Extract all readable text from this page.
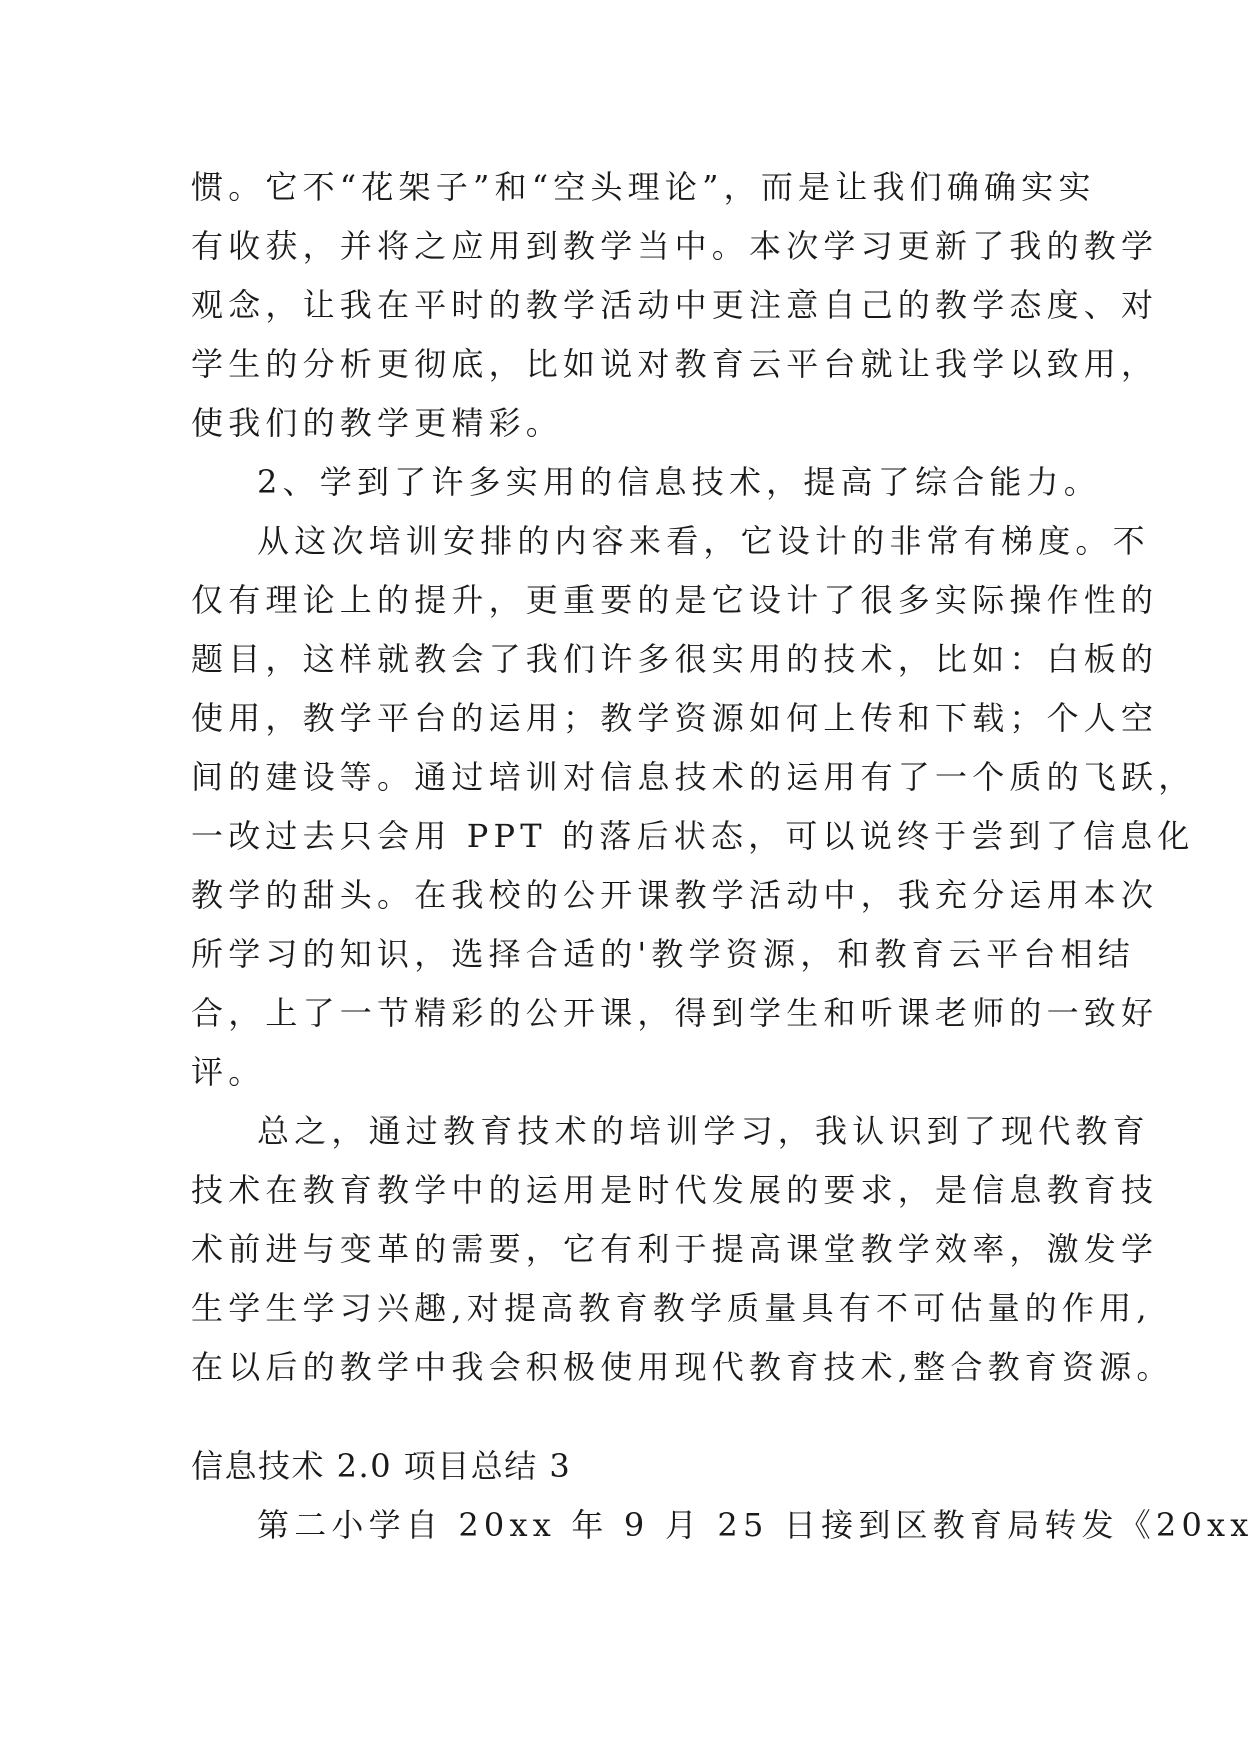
惯。它不“花架子”和“空头理论”，而是让我们确确实实
有收获，并将之应用到教学当中。本次学习更新了我的教学
观念，让我在平时的教学活动中更注意自己的教学态度、对
学生的分析更彻底，比如说对教育云平台就让我学以致用，
使我们的教学更精彩。
2、学到了许多实用的信息技术，提高了综合能力。
从这次培训安排的内容来看，它设计的非常有梯度。不
仅有理论上的提升，更重要的是它设计了很多实际操作性的
题目，这样就教会了我们许多很实用的技术，比如：白板的
使用，教学平台的运用；教学资源如何上传和下载；个人空
间的建设等。通过培训对信息技术的运用有了一个质的飞跃，
一改过去只会用 PPT 的落后状态，可以说终于尝到了信息化
教学的甜头。在我校的公开课教学活动中，我充分运用本次
所学习的知识，选择合适的'教学资源，和教育云平台相结
合，上了一节精彩的公开课，得到学生和听课老师的一致好
评。
总之，通过教育技术的培训学习，我认识到了现代教育
技术在教育教学中的运用是时代发展的要求，是信息教育技
术前进与变革的需要，它有利于提高课堂教学效率，激发学
生学生学习兴趣,对提高教育教学质量具有不可估量的作用,
在以后的教学中我会积极使用现代教育技术,整合教育资源。
信息技术 2.0 项目总结 3
第二小学自 20xx 年 9 月 25 日接到区教育局转发《20xx
